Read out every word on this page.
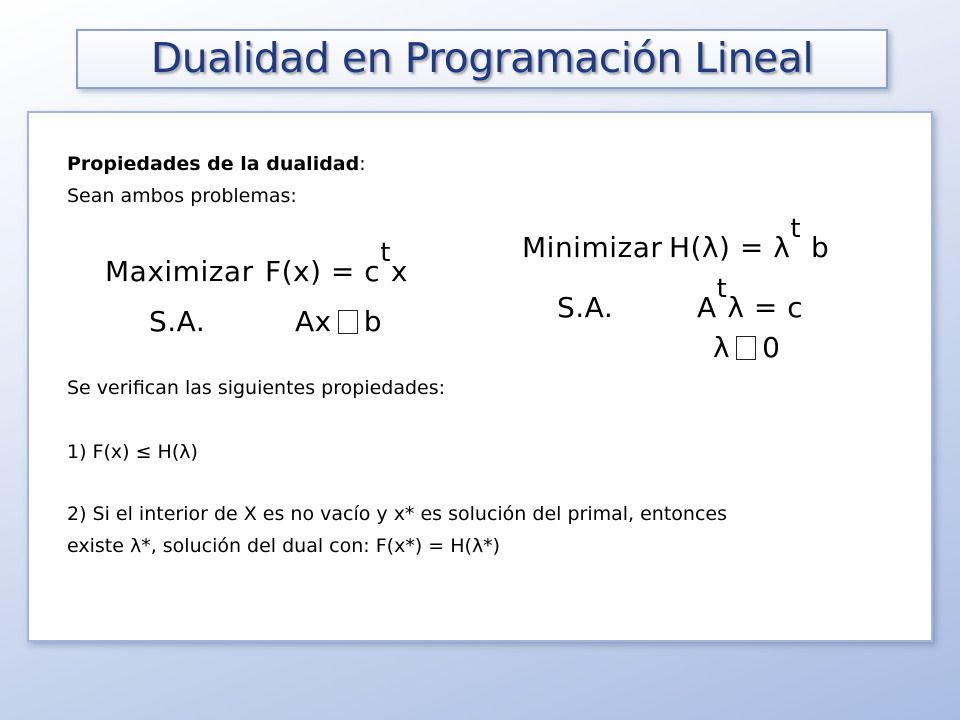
Dualidad en Programación Lineal
Propiedades de la dualidad:
Sean ambos problemas:
Maximizar F(x) = ctx
S.A.	Ax b
Minimizar H(λ) = λtb
S.A.	Atλ = c
λ 0
Se verifican las siguientes propiedades:
1) F(x) ≤ H(λ)
2) Si el interior de X es no vacío y x* es solución del primal, entonces
existe λ*, solución del dual con: F(x*) = H(λ*)
